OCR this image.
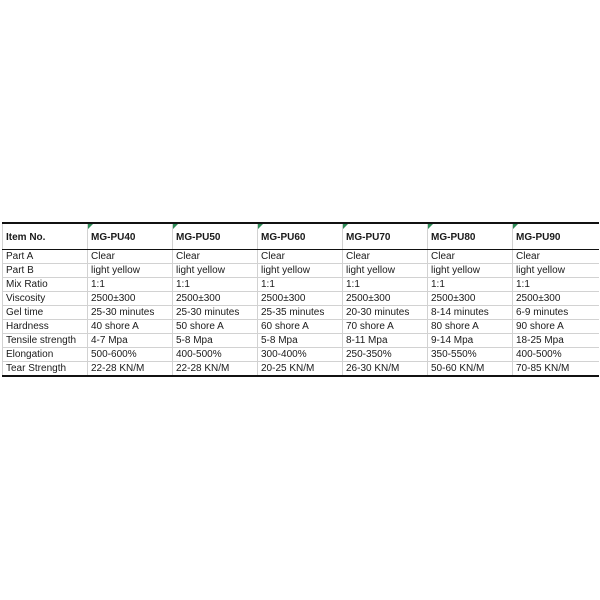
Item No.	MG-PU40	MG-PU50	MG-PU60	MG-PU70	MG-PU80	MG-PU90
Part A	Clear	Clear	Clear	Clear	Clear	Clear
Part B	light yellow	light yellow	light yellow	light yellow	light yellow	light yellow
Mix Ratio	1:1	1:1	1:1	1:1	1:1	1:1
Viscosity	2500±300	2500±300	2500±300	2500±300	2500±300	2500±300
Gel time	25-30 minutes	25-30 minutes	25-35 minutes	20-30 minutes	8-14 minutes	6-9 minutes
Hardness	40 shore A	50 shore A	60 shore A	70 shore A	80 shore A	90 shore A
Tensile strength	4-7 Mpa	5-8 Mpa	5-8 Mpa	8-11 Mpa	9-14 Mpa	18-25 Mpa
Elongation	500-600%	400-500%	300-400%	250-350%	350-550%	400-500%
Tear Strength	22-28 KN/M	22-28 KN/M	20-25 KN/M	26-30 KN/M	50-60 KN/M	70-85 KN/M
